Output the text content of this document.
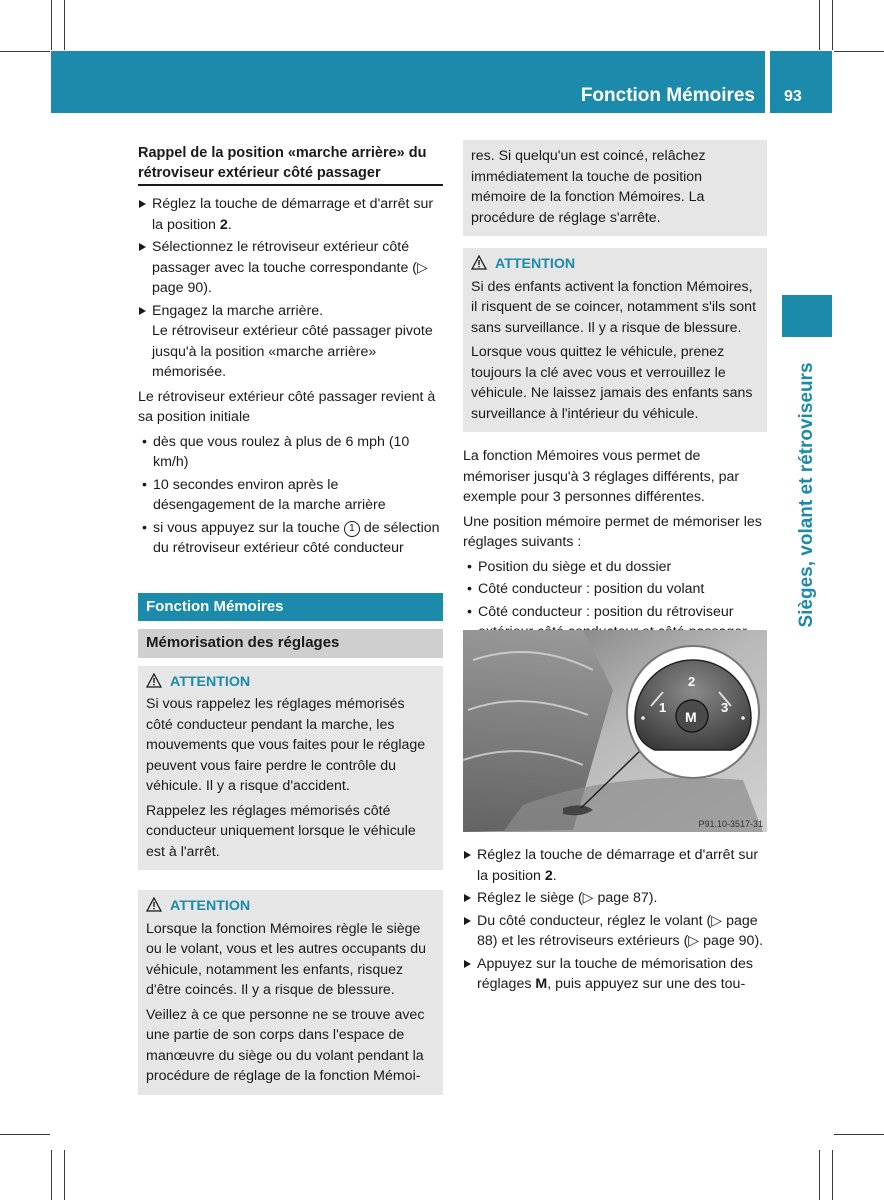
Fonction Mémoires 93
Sièges, volant et rétroviseurs
Rappel de la position «marche arrière» du rétroviseur extérieur côté passager
Réglez la touche de démarrage et d'arrêt sur la position 2.
Sélectionnez le rétroviseur extérieur côté passager avec la touche correspondante (▷ page 90).
Engagez la marche arrière.
Le rétroviseur extérieur côté passager pivote jusqu'à la position «marche arrière» mémorisée.

Le rétroviseur extérieur côté passager revient à sa position initiale

• dès que vous roulez à plus de 6 mph (10 km/h)
• 10 secondes environ après le désengagement de la marche arrière
• si vous appuyez sur la touche 1 de sélection du rétroviseur extérieur côté conducteur
Fonction Mémoires
Mémorisation des réglages
ATTENTION

Si vous rappelez les réglages mémorisés côté conducteur pendant la marche, les mouvements que vous faites pour le réglage peuvent vous faire perdre le contrôle du véhicule. Il y a risque d'accident.

Rappelez les réglages mémorisés côté conducteur uniquement lorsque le véhicule est à l'arrêt.

ATTENTION

Lorsque la fonction Mémoires règle le siège ou le volant, vous et les autres occupants du véhicule, notamment les enfants, risquez d'être coincés. Il y a risque de blessure.

Veillez à ce que personne ne se trouve avec une partie de son corps dans l'espace de manœuvre du siège ou du volant pendant la procédure de réglage de la fonction Mémoi-

res. Si quelqu'un est coincé, relâchez immédiatement la touche de position mémoire de la fonction Mémoires. La procédure de réglage s'arrête.
ATTENTION

Si des enfants activent la fonction Mémoires, il risquent de se coincer, notamment s'ils sont sans surveillance. Il y a risque de blessure.

Lorsque vous quittez le véhicule, prenez toujours la clé avec vous et verrouillez le véhicule. Ne laissez jamais des enfants sans surveillance à l'intérieur du véhicule.

La fonction Mémoires vous permet de mémoriser jusqu'à 3 réglages différents, par exemple pour 3 personnes différentes.

Une position mémoire permet de mémoriser les réglages suivants :

• Position du siège et du dossier
• Côté conducteur : position du volant
• Côté conducteur : position du rétroviseur
1
2
3
M
P91.10-3517-31
Réglez la touche de démarrage et d'arrêt sur la position 2.
Réglez le siège (▷ page 87).
Du côté conducteur, réglez le volant (▷ page 88) et les rétroviseurs extérieurs (▷ page 90).
Appuyez sur la touche de mémorisation des réglages M, puis appuyez sur une des tou-
